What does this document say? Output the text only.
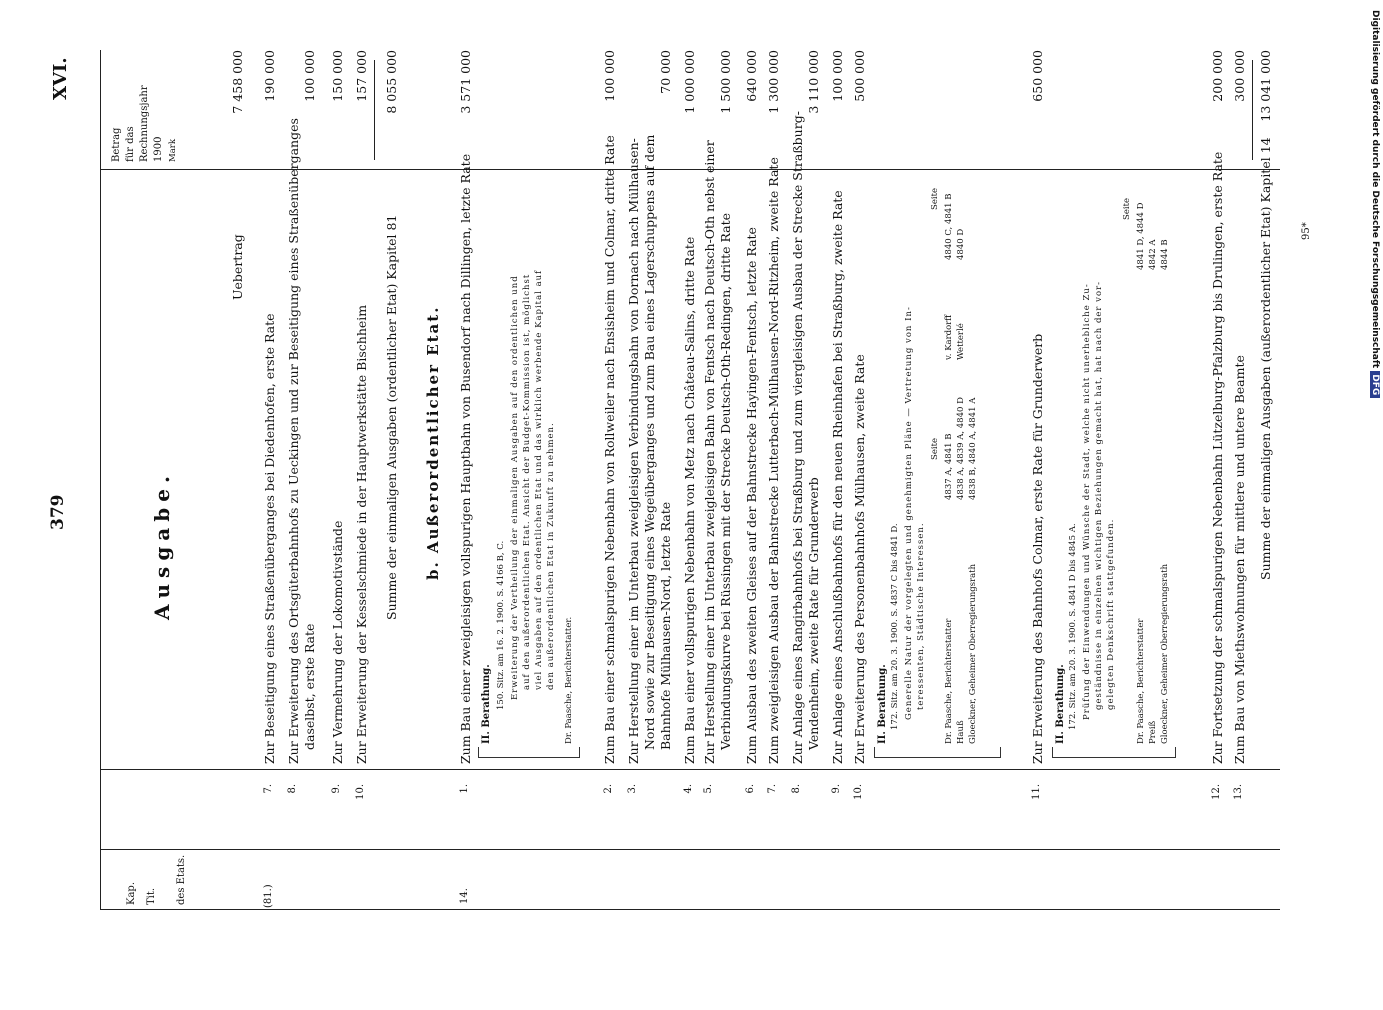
379
XVI.
Kap. Tit. des Etats.
Betrag für das Rechnungsjahr 1900 Mark
Ausgabe.
Uebertrag
(81.)
7.
Zur Beseitigung eines Straßenüberganges bei Diedenhofen, erste Rate
7 458 000
8.
Zur Erweiterung des Ortsgüterbahnhofs zu Ueckingen und zur Beseitigung eines Straßenüberganges daselbst, erste Rate
190 000
9.
Zur Vermehrung der Lokomotivstände
100 000
10.
Zur Erweiterung der Kesselschmiede in der Hauptwerkstätte Bischheim
150 000 157 000
Summe der einmaligen Ausgaben (ordentlicher Etat) Kapitel 81
8 055 000
b. Außerordentlicher Etat.
14.
1.
Zum Bau einer zweigleisigen vollspurigen Hauptbahn von Busendorf nach Dillingen, letzte Rate
3 571 000
II. Berathung. 150. Sitz. am 16. 2. 1900. S. 4166 B, C. Erweiterung der Vertheilung der einmaligen Ausgaben auf den ordentlichen und auf den außerordentlichen Etat. Ansicht der Budget-Kommission ist, möglichst viel Ausgaben auf den ordentlichen Etat und das wirklich werbende Kapital auf den außerordentlichen Etat in Zukunft zu nehmen. Dr. Paasche, Berichterstatter.
2.
Zum Bau einer schmalspurigen Nebenbahn von Rollweiler nach Ensisheim und Colmar, dritte Rate
100 000
3.
Zur Herstellung einer im Unterbau zweigleisigen Verbindungsbahn von Dornach nach Mülhausen- Nord sowie zur Beseitigung eines Wegeüberganges und zum Bau eines Lagerschuppens auf dem Bahnhofe Mülhausen-Nord, letzte Rate
70 000
4.
Zum Bau einer vollspurigen Nebenbahn von Metz nach Château-Salins, dritte Rate
1 000 000
5.
Zur Herstellung einer im Unterbau zweigleisigen Bahn von Fentsch nach Deutsch-Oth nebst einer Verbindungskurve bei Rüssingen mit der Strecke Deutsch-Oth-Redingen, dritte Rate
1 500 000
6.
Zum Ausbau des zweiten Gleises auf der Bahnstrecke Hayingen-Fentsch, letzte Rate
640 000
7.
Zum zweigleisigen Ausbau der Bahnstrecke Lutterbach-Mülhausen-Nord-Ritzheim, zweite Rate
1 300 000
8.
Zur Anlage eines Rangirbahnhofs bei Straßburg und zum viergleisigen Ausbau der Strecke Straßburg- Vendenheim, zweite Rate für Grunderwerb
3 110 000
9.
Zur Anlage eines Anschlußbahnhofs für den neuen Rheinhafen bei Straßburg, zweite Rate
100 000
10.
Zur Erweiterung des Personenbahnhofs Mülhausen, zweite Rate
500 000
II. Berathung. 172. Sitz. am 20. 3. 1900. S. 4837 C bis 4841 D. Generelle Natur der vorgelegten und genehmigten Pläne — Vertretung von In- teressenten, Städtische Interessen.
Seite
Dr. Paasche, Berichterstatter
4837 A, 4841 B
Hauß
4838 A, 4839 A, 4840 D
Gloeckner, Geheimer Oberregierungsrath
4838 B, 4840 A, 4841 A
Seite
v. Kardorff
4840 C, 4841 B
Wetterlé
4840 D
11.
Zur Erweiterung des Bahnhofs Colmar, erste Rate für Grunderwerb
650 000
II. Berathung. 172. Sitz. am 20. 3. 1900. S. 4841 D bis 4845 A. Prüfung der Einwendungen und Wünsche der Stadt, welche nicht unerhebliche Zu- geständnisse in einzelnen wichtigen Beziehungen gemacht hat, hat nach der vor- gelegten Denkschrift stattgefunden.
Seite
Dr. Paasche, Berichterstatter
4841 D, 4844 D
Preiß
4842 A
Gloeckner, Geheimer Oberregierungsrath
4844 B
12.
Zur Fortsetzung der schmalspurigen Nebenbahn Lützelburg-Pfalzburg bis Drulingen, erste Rate
200 000
13.
Zum Bau von Miethswohnungen für mittlere und untere Beamte
300 000
Summe der einmaligen Ausgaben (außerordentlicher Etat) Kapitel 14
13 041 000
95*	Digitalisierung gefördert durch die Deutsche Forschungsgemeinschaft DFG
